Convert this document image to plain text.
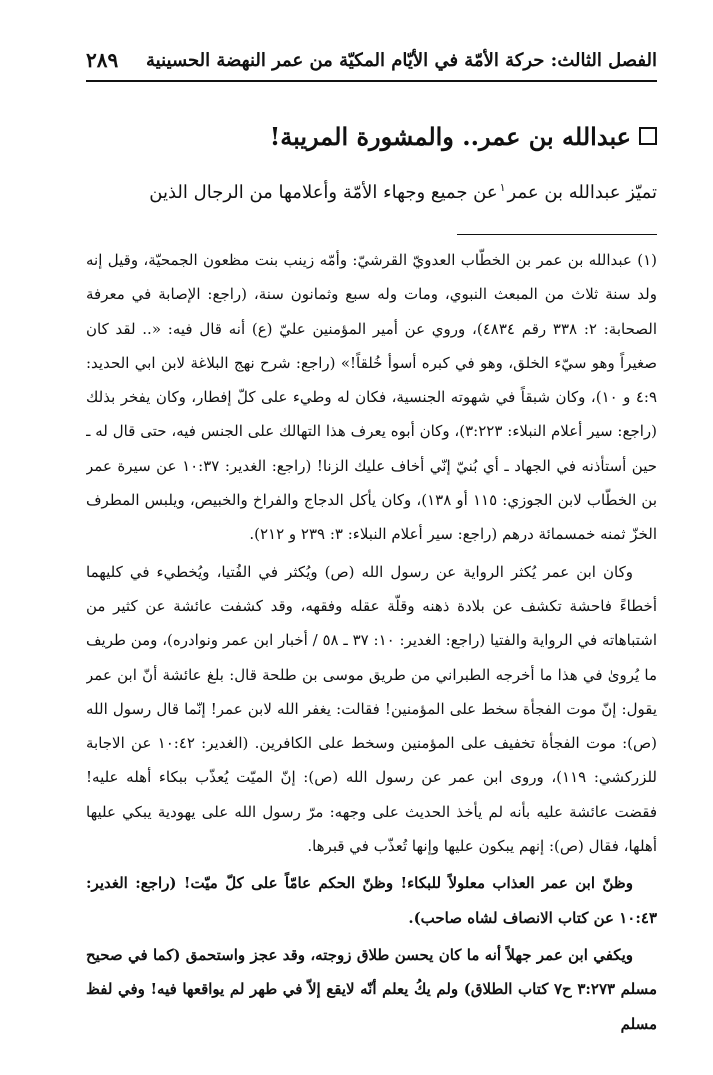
الفصل الثالث: حركة الأمّة في الأيّام المكيّة من عمر النهضة الحسينية
٢٨٩
عبدالله بن عمر.. والمشورة المريبة!
تميّز عبدالله بن عمر$^١$عن جميع وجهاء الأمّة وأعلامها من الرجال الذين

(١) عبدالله بن عمر بن الخطّاب العدويّ القرشيّ: وأمّه زينب بنت مظعون الجمحيّة، وقيل إنه ولد سنة ثلاث من المبعث النبوي، ومات وله سبع وثمانون سنة، (راجع: الإصابة في معرفة الصحابة: ٢: ٣٣٨ رقم ٤٨٣٤)، وروي عن أمير المؤمنين عليّ (ع) أنه قال فيه: «.. لقد كان صغيراً وهو سيّء الخلق، وهو في كبره أسوأ خُلقاً!» (راجع: شرح نهج البلاغة لابن ابي الحديد: ٤:٩ و ١٠)، وكان شبقاً في شهوته الجنسية، فكان له وطيء على كلّ إفطار، وكان يفخر بذلك (راجع: سير أعلام النبلاء: ٣:٢٢٣)، وكان أبوه يعرف هذا التهالك على الجنس فيه، حتى قال له ـ حين أستأذنه في الجهاد ـ أي بُنيّ إنّي أخاف عليك الزنا! (راجع: الغدير: ١٠:٣٧ عن سيرة عمر بن الخطّاب لابن الجوزي: ١١٥ أو ١٣٨)، وكان يأكل الدجاج والفراخ والخبيص، ويلبس المطرف الخزّ ثمنه خمسمائة درهم (راجع: سير أعلام النبلاء: ٣: ٢٣٩ و ٢١٢).

وكان ابن عمر يُكثر الرواية عن رسول الله (ص) ويُكثر في الفُتيا، ويُخطيء في كليهما أخطاءً فاحشة تكشف عن بلادة ذهنه وقلّة عقله وفقهه، وقد كشفت عائشة عن كثير من اشتباهاته في الرواية والفتيا (راجع: الغدير: ١٠: ٣٧ ـ ٥٨ / أخبار ابن عمر ونوادره)، ومن طريف ما يُروىٰ في هذا ما أخرجه الطبراني من طريق موسى بن طلحة قال: بلغ عائشة أنّ ابن عمر يقول: إنّ موت الفجأة سخط على المؤمنين! فقالت: يغفر الله لابن عمر! إنّما قال رسول الله (ص): موت الفجأة تخفيف على المؤمنين وسخط على الكافرين. (الغدير: ١٠:٤٢ عن الاجابة للزركشي: ١١٩)، وروى ابن عمر عن رسول الله (ص): إنّ الميّت يُعذّب ببكاء أهله عليه! فقضت عائشة عليه بأنه لم يأخذ الحديث على وجهه: مرّ رسول الله على يهودية يبكي عليها أهلها، فقال (ص): إنهم يبكون عليها وإنها تُعذّب في قبرها.

وظنّ ابن عمر العذاب معلولاً للبكاء! وظنّ الحكم عامّاً على كلّ ميّت! (راجع: الغدير: ١٠:٤٣ عن كتاب الانصاف لشاه صاحب).

ويكفي ابن عمر جهلاً أنه ما كان يحسن طلاق زوجته، وقد عجز واستحمق (كما في صحيح مسلم ٣:٢٧٣ ح٧ كتاب الطلاق) ولم يكُ يعلم أنّه لايقع إلاّ في طهر لم يواقعها فيه! وفي لفظ مسلم
